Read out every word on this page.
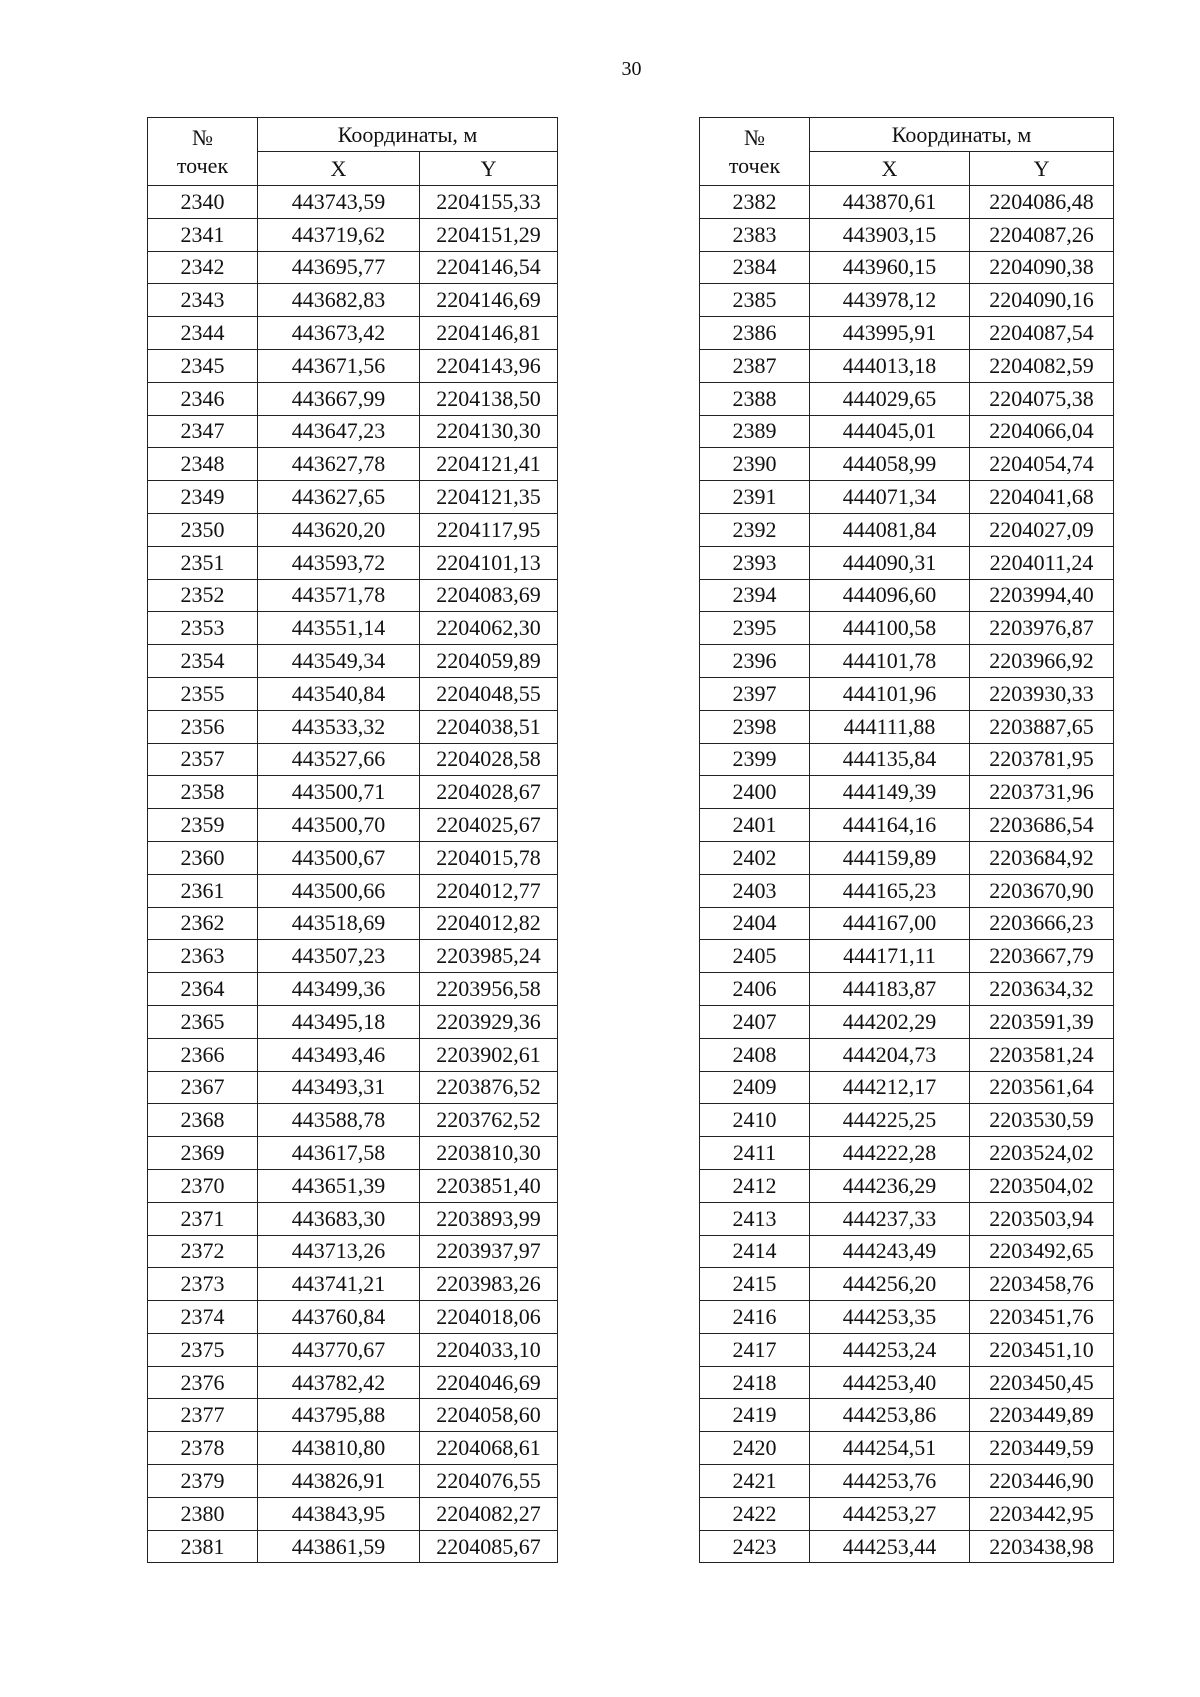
30
№
точек	Координаты, м	
	X	Y
2340	443743,59	2204155,33
2341	443719,62	2204151,29
2342	443695,77	2204146,54
2343	443682,83	2204146,69
2344	443673,42	2204146,81
2345	443671,56	2204143,96
2346	443667,99	2204138,50
2347	443647,23	2204130,30
2348	443627,78	2204121,41
2349	443627,65	2204121,35
2350	443620,20	2204117,95
2351	443593,72	2204101,13
2352	443571,78	2204083,69
2353	443551,14	2204062,30
2354	443549,34	2204059,89
2355	443540,84	2204048,55
2356	443533,32	2204038,51
2357	443527,66	2204028,58
2358	443500,71	2204028,67
2359	443500,70	2204025,67
2360	443500,67	2204015,78
2361	443500,66	2204012,77
2362	443518,69	2204012,82
2363	443507,23	2203985,24
2364	443499,36	2203956,58
2365	443495,18	2203929,36
2366	443493,46	2203902,61
2367	443493,31	2203876,52
2368	443588,78	2203762,52
2369	443617,58	2203810,30
2370	443651,39	2203851,40
2371	443683,30	2203893,99
2372	443713,26	2203937,97
2373	443741,21	2203983,26
2374	443760,84	2204018,06
2375	443770,67	2204033,10
2376	443782,42	2204046,69
2377	443795,88	2204058,60
2378	443810,80	2204068,61
2379	443826,91	2204076,55
2380	443843,95	2204082,27
2381	443861,59	2204085,67
№
точек	Координаты, м	
	X	Y
2382	443870,61	2204086,48
2383	443903,15	2204087,26
2384	443960,15	2204090,38
2385	443978,12	2204090,16
2386	443995,91	2204087,54
2387	444013,18	2204082,59
2388	444029,65	2204075,38
2389	444045,01	2204066,04
2390	444058,99	2204054,74
2391	444071,34	2204041,68
2392	444081,84	2204027,09
2393	444090,31	2204011,24
2394	444096,60	2203994,40
2395	444100,58	2203976,87
2396	444101,78	2203966,92
2397	444101,96	2203930,33
2398	444111,88	2203887,65
2399	444135,84	2203781,95
2400	444149,39	2203731,96
2401	444164,16	2203686,54
2402	444159,89	2203684,92
2403	444165,23	2203670,90
2404	444167,00	2203666,23
2405	444171,11	2203667,79
2406	444183,87	2203634,32
2407	444202,29	2203591,39
2408	444204,73	2203581,24
2409	444212,17	2203561,64
2410	444225,25	2203530,59
2411	444222,28	2203524,02
2412	444236,29	2203504,02
2413	444237,33	2203503,94
2414	444243,49	2203492,65
2415	444256,20	2203458,76
2416	444253,35	2203451,76
2417	444253,24	2203451,10
2418	444253,40	2203450,45
2419	444253,86	2203449,89
2420	444254,51	2203449,59
2421	444253,76	2203446,90
2422	444253,27	2203442,95
2423	444253,44	2203438,98
